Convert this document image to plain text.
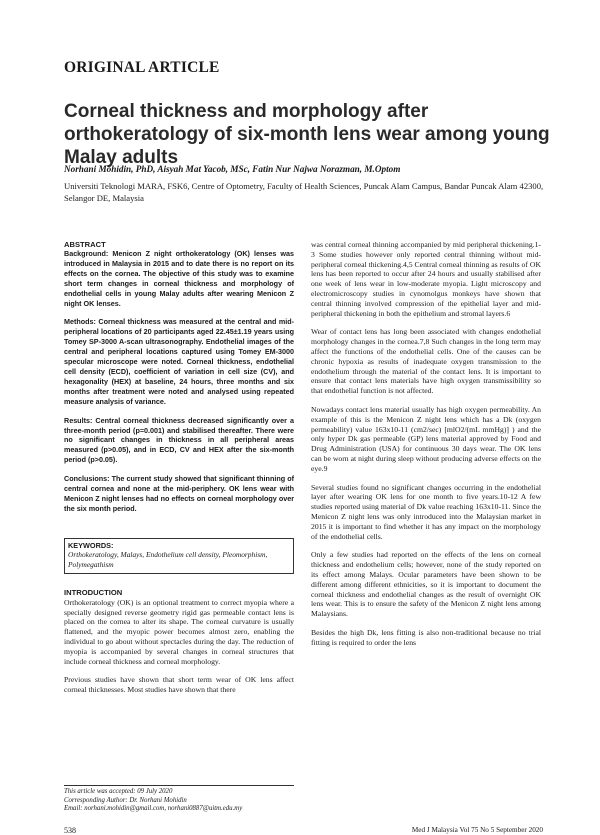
ORIGINAL ARTICLE
Corneal thickness and morphology after orthokeratology of six-month lens wear among young Malay adults
Norhani Mohidin, PhD, Aisyah Mat Yacob, MSc, Fatin Nur Najwa Norazman, M.Optom
Universiti Teknologi MARA, FSK6, Centre of Optometry, Faculty of Health Sciences, Puncak Alam Campus, Bandar Puncak Alam 42300, Selangor DE, Malaysia
ABSTRACT

Background: Menicon Z night orthokeratology (OK) lenses was introduced in Malaysia in 2015 and to date there is no report on its effects on the cornea. The objective of this study was to examine short term changes in corneal thickness and morphology of endothelial cells in young Malay adults after wearing Menicon Z night OK lenses.

Methods: Corneal thickness was measured at the central and mid-peripheral locations of 20 participants aged 22.45±1.19 years using Tomey SP-3000 A-scan ultrasonography. Endothelial images of the central and peripheral locations captured using Tomey EM-3000 specular microscope were noted. Corneal thickness, endothelial cell density (ECD), coefficient of variation in cell size (CV), and hexagonality (HEX) at baseline, 24 hours, three months and six months after treatment were noted and analysed using repeated measure analysis of variance.

Results: Central corneal thickness decreased significantly over a three-month period (p=0.001) and stabilised thereafter. There were no significant changes in thickness in all peripheral areas measured (p>0.05), and in ECD, CV and HEX after the six-month period (p>0.05).

Conclusions: The current study showed that significant thinning of central cornea and none at the mid-periphery. OK lens wear with Menicon Z night lenses had no effects on corneal morphology over the six month period.

KEYWORDS:
Orthokeratology, Malays, Endothelium cell density, Pleomorphism, Polymegathism
INTRODUCTION

Orthokeratology (OK) is an optional treatment to correct myopia where a specially designed reverse geometry rigid gas permeable contact lens is placed on the cornea to alter its shape. The corneal curvature is usually flattened, and the myopic power becomes almost zero, enabling the individual to go about without spectacles during the day. The reduction of myopia is accompanied by several changes in corneal structures that include corneal thickness and corneal morphology.

Previous studies have shown that short term wear of OK lens affect corneal thicknesses. Most studies have shown that there

was central corneal thinning accompanied by mid peripheral thickening.1-3 Some studies however only reported central thinning without mid-peripheral corneal thickening.4,5 Central corneal thinning as results of OK lens has been reported to occur after 24 hours and usually stabilised after one week of lens wear in low-moderate myopia. Light microscopy and electromicroscopy studies in cynomolgus monkeys have shown that central thinning involved compression of the epithelial layer and mid-peripheral thickening in both the epithelium and stromal layers.6

Wear of contact lens has long been associated with changes endothelial morphology changes in the cornea.7,8 Such changes in the long term may affect the functions of the endothelial cells. One of the causes can be chronic hypoxia as results of inadequate oxygen transmission to the endothelium through the material of the contact lens. It is important to ensure that contact lens materials have high oxygen transmissibility so that endothelial function is not affected.

Nowadays contact lens material usually has high oxygen permeability. An example of this is the Menicon Z night lens which has a Dk (oxygen permeability) value 163x10-11 (cm2/sec) [mlO2/(mL mmHg)] ) and the only hyper Dk gas permeable (GP) lens material approved by Food and Drug Administration (USA) for continuous 30 days wear. The OK lens can be worn at night during sleep without producing adverse effects on the eye.9

Several studies found no significant changes occurring in the endothelial layer after wearing OK lens for one month to five years.10-12 A few studies reported using material of Dk value reaching 163x10-11. Since the Menicon Z night lens was only introduced into the Malaysian market in 2015 it is important to find whether it has any impact on the morphology of the endothelial cells.

Only a few studies had reported on the effects of the lens on corneal thickness and endothelium cells; however, none of the study reported on its effect among Malays. Ocular parameters have been shown to be different among different ethnicities, so it is important to document the corneal thickness and endothelial changes as the result of overnight OK lens wear. This is to ensure the safety of the Menicon Z night lens among Malaysians.

Besides the high Dk, lens fitting is also non-traditional because no trial fitting is required to order the lens

This article was accepted: 09 July 2020
Corresponding Author: Dr. Norhani Mohidin
Email: norhani.mohidin@gmail.com, norhani0887@uitm.edu.my
538	Med J Malaysia Vol 75 No 5 September 2020
